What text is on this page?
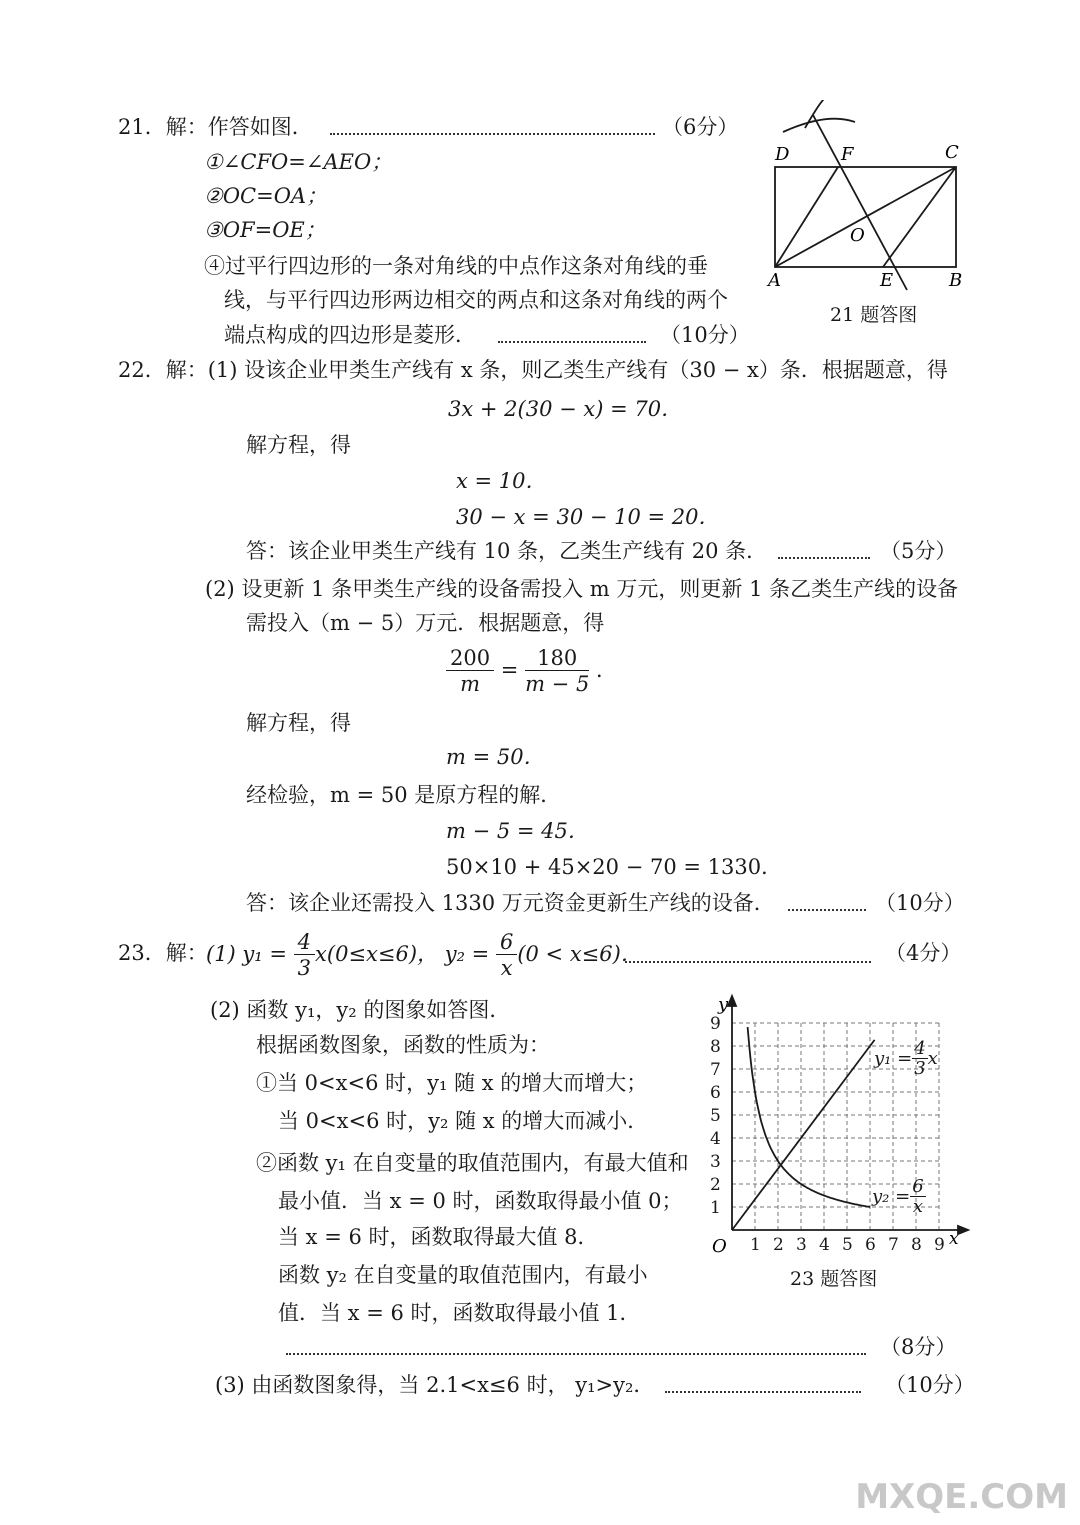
21．解：作答如图．	（6分）
①∠CFO=∠AEO；
②OC=OA；
③OF=OE；
④过平行四边形的一条对角线的中点作这条对角线的垂
线，与平行四边形两边相交的两点和这条对角线的两个
端点构成的四边形是菱形．	（10分）
D	F	C
O
A	E	B
21 题答图
22．解：(1) 设该企业甲类生产线有 x 条，则乙类生产线有（30 − x）条．根据题意，得
3x + 2(30 − x) = 70．
解方程，得
x = 10．
30 − x = 30 − 10 = 20．
答：该企业甲类生产线有 10 条，乙类生产线有 20 条．	（5分）
(2) 设更新 1 条甲类生产线的设备需投入 m 万元，则更新 1 条乙类生产线的设备
需投入（m − 5）万元．根据题意，得
$\frac{200}{m} = \frac{180}{m - 5}$ ．
解方程，得
m = 50．
经检验，m = 50 是原方程的解．
m − 5 = 45．
50×10 + 45×20 − 70 = 1330．
答：该企业还需投入 1330 万元资金更新生产线的设备．	（10分）
23．解：
(1) $y_1 = \frac{4}{3} x(0\le x\le 6)$， $y_2 = \frac{6}{x} (0 < x\le 6)$．	（4分）
(2) 函数 y₁，y₂ 的图象如答图．
根据函数图象，函数的性质为：
①当 0<x<6 时，y₁ 随 x 的增大而增大；
当 0<x<6 时，y₂ 随 x 的增大而减小．
②函数 y₁ 在自变量的取值范围内，有最大值和
最小值．当 x = 0 时，函数取得最小值 0；
当 x = 6 时，函数取得最大值 8．
函数 y₂ 在自变量的取值范围内，有最小
值．当 x = 6 时，函数取得最小值 1．
（8分）
(3) 由函数图象得，当 2.1<x≤6 时， y₁>y₂．	（10分）
1
1
2
2
3
3
4
4
5
5
6
6
7
7
8
8
9
9
y
x
O
$y_1 = \frac{4}{3}$ x
$y_2 = \frac{6}{x}$
23 题答图
MXQE.COM
